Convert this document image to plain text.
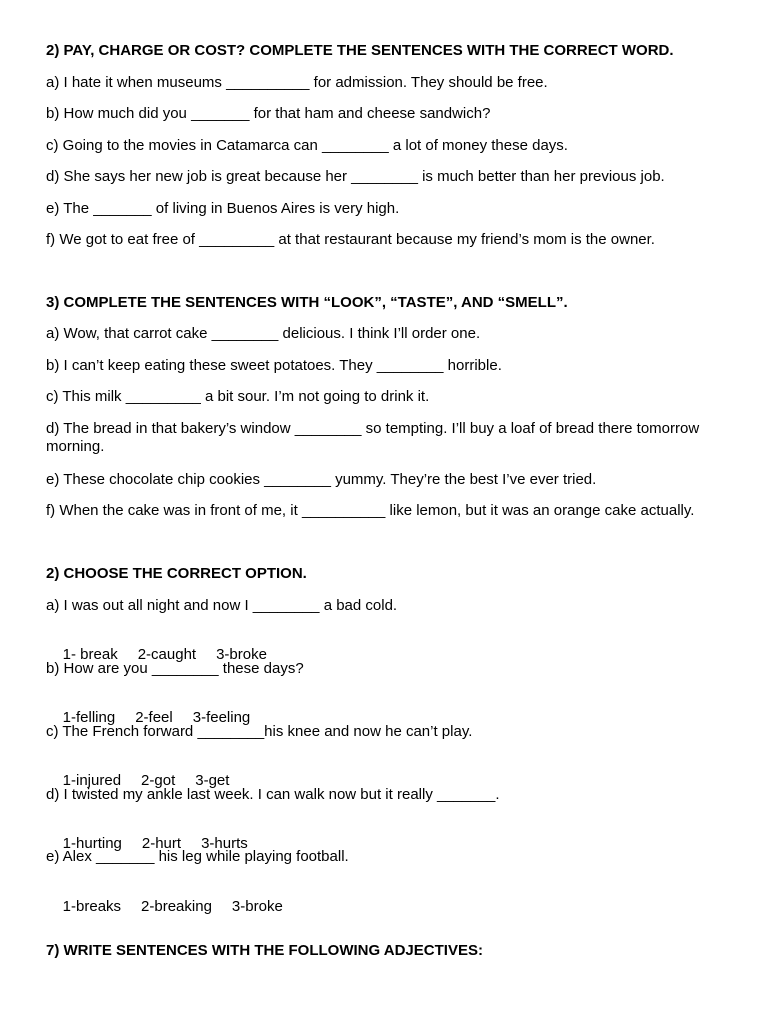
2) PAY, CHARGE OR COST? COMPLETE THE SENTENCES WITH THE CORRECT WORD.
a) I hate it when museums __________ for admission. They should be free.
b) How much did you _______ for that ham and cheese sandwich?
c) Going to the movies in Catamarca can ________ a lot of money these days.
d) She says her new job is great because her ________ is much better than her previous job.
e) The _______ of living in Buenos Aires is very high.
f) We got to eat free of _________ at that restaurant because my friend’s mom is the owner.
3) COMPLETE THE SENTENCES WITH “LOOK”, “TASTE”, AND “SMELL”.
a) Wow, that carrot cake ________ delicious. I think I’ll order one.
b) I can’t keep eating these sweet potatoes. They ________ horrible.
c) This milk _________ a bit sour. I’m not going to drink it.
d) The bread in that bakery’s window ________ so tempting. I’ll buy a loaf of bread there tomorrow morning.
e) These chocolate chip cookies ________ yummy. They’re the best I’ve ever tried.
f) When the cake was in front of me, it __________ like lemon, but it was an orange cake actually.
2) CHOOSE THE CORRECT OPTION.
a) I was out all night and now I ________ a bad cold.

1- break 2-caught 3-broke

b) How are you ________ these days?

1-felling 2-feel 3-feeling

c) The French forward ________his knee and now he can’t play.

1-injured 2-got 3-get

d) I twisted my ankle last week. I can walk now but it really _______.

1-hurting 2-hurt 3-hurts

e) Alex _______ his leg while playing football.

1-breaks 2-breaking 3-broke

7) WRITE SENTENCES WITH THE FOLLOWING ADJECTIVES:
